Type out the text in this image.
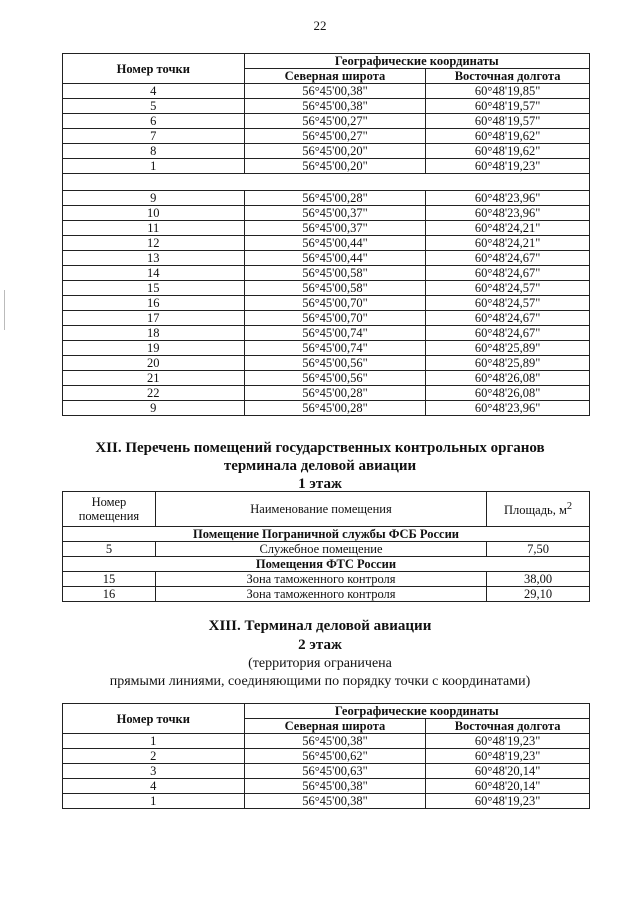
22
Номер точки	Географические координаты	
	Северная широта	Восточная долгота
4	56°45'00,38"	60°48'19,85"
5	56°45'00,38"	60°48'19,57"
6	56°45'00,27"	60°48'19,57"
7	56°45'00,27"	60°48'19,62"
8	56°45'00,20"	60°48'19,62"
1	56°45'00,20"	60°48'19,23"

9	56°45'00,28"	60°48'23,96"
10	56°45'00,37"	60°48'23,96"
11	56°45'00,37"	60°48'24,21"
12	56°45'00,44"	60°48'24,21"
13	56°45'00,44"	60°48'24,67"
14	56°45'00,58"	60°48'24,67"
15	56°45'00,58"	60°48'24,57"
16	56°45'00,70"	60°48'24,57"
17	56°45'00,70"	60°48'24,67"
18	56°45'00,74"	60°48'24,67"
19	56°45'00,74"	60°48'25,89"
20	56°45'00,56"	60°48'25,89"
21	56°45'00,56"	60°48'26,08"
22	56°45'00,28"	60°48'26,08"
9	56°45'00,28"	60°48'23,96"
XII. Перечень помещений государственных контрольных органов
терминала деловой авиации
1 этаж
Номер помещения	Наименование помещения	Площадь, $м^2$
Помещение Пограничной службы ФСБ России		
5	Служебное помещение	7,50
Помещения ФТС России		
15	Зона таможенного контроля	38,00
16	Зона таможенного контроля	29,10
XIII. Терминал деловой авиации
2 этаж
(территория ограничена
прямыми линиями, соединяющими по порядку точки с координатами)
Номер точки	Географические координаты	
	Северная широта	Восточная долгота
1	56°45'00,38"	60°48'19,23"
2	56°45'00,62"	60°48'19,23"
3	56°45'00,63"	60°48'20,14"
4	56°45'00,38"	60°48'20,14"
1	56°45'00,38"	60°48'19,23"
